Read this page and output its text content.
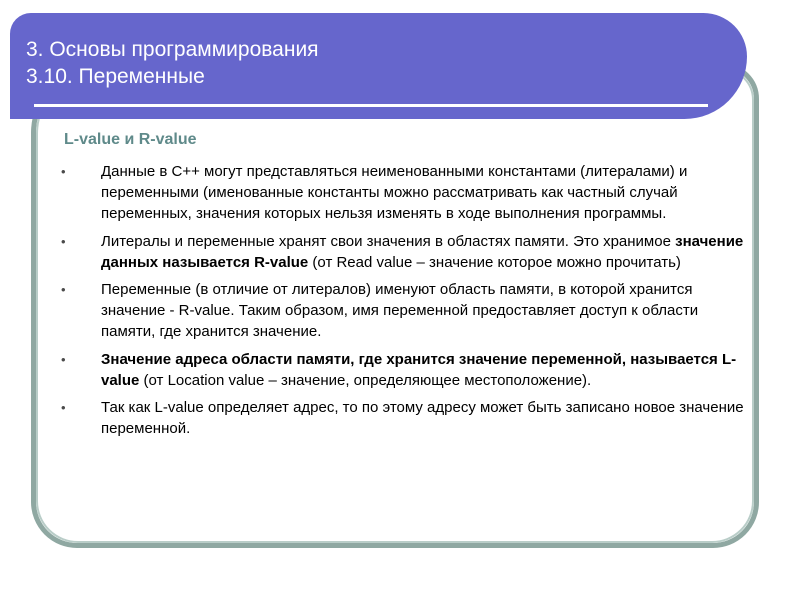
3. Основы программирования
3.10. Переменные
L-value и R-value
• Данные в С++ могут представляться неименованными константами (литералами) и переменными (именованные константы можно рассматривать как частный случай переменных, значения которых нельзя изменять в ходе выполнения программы.
• Литералы и переменные хранят свои значения в областях памяти. Это хранимое значение данных называется R-value (от Read value – значение которое можно прочитать)
• Переменные (в отличие от литералов) именуют область памяти, в которой хранится значение - R-value. Таким образом, имя переменной предоставляет доступ к области памяти, где хранится значение.
• Значение адреса области памяти, где хранится значение переменной, называется L-value (от Location value – значение, определяющее местоположение).
• Так как L-value определяет адрес, то по этому адресу может быть записано новое значение переменной.
